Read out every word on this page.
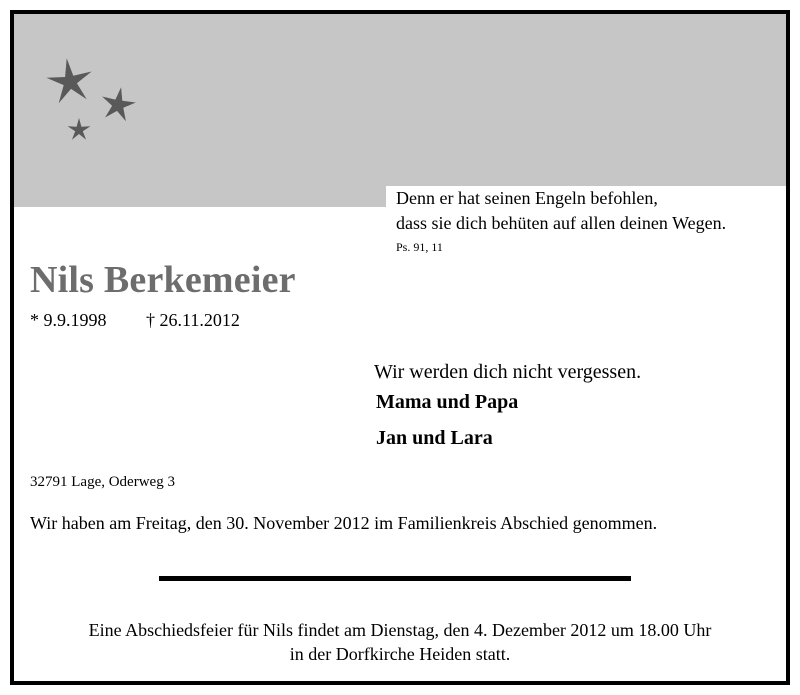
Denn er hat seinen Engeln befohlen,
dass sie dich behüten auf allen deinen Wegen.
Ps. 91, 11
Nils Berkemeier
* 9.9.1998 † 26.11.2012
Wir werden dich nicht vergessen.
Mama und Papa
Jan und Lara
32791 Lage, Oderweg 3
Wir haben am Freitag, den 30. November 2012 im Familienkreis Abschied genommen.
Eine Abschiedsfeier für Nils findet am Dienstag, den 4. Dezember 2012 um 18.00 Uhr
in der Dorfkirche Heiden statt.
